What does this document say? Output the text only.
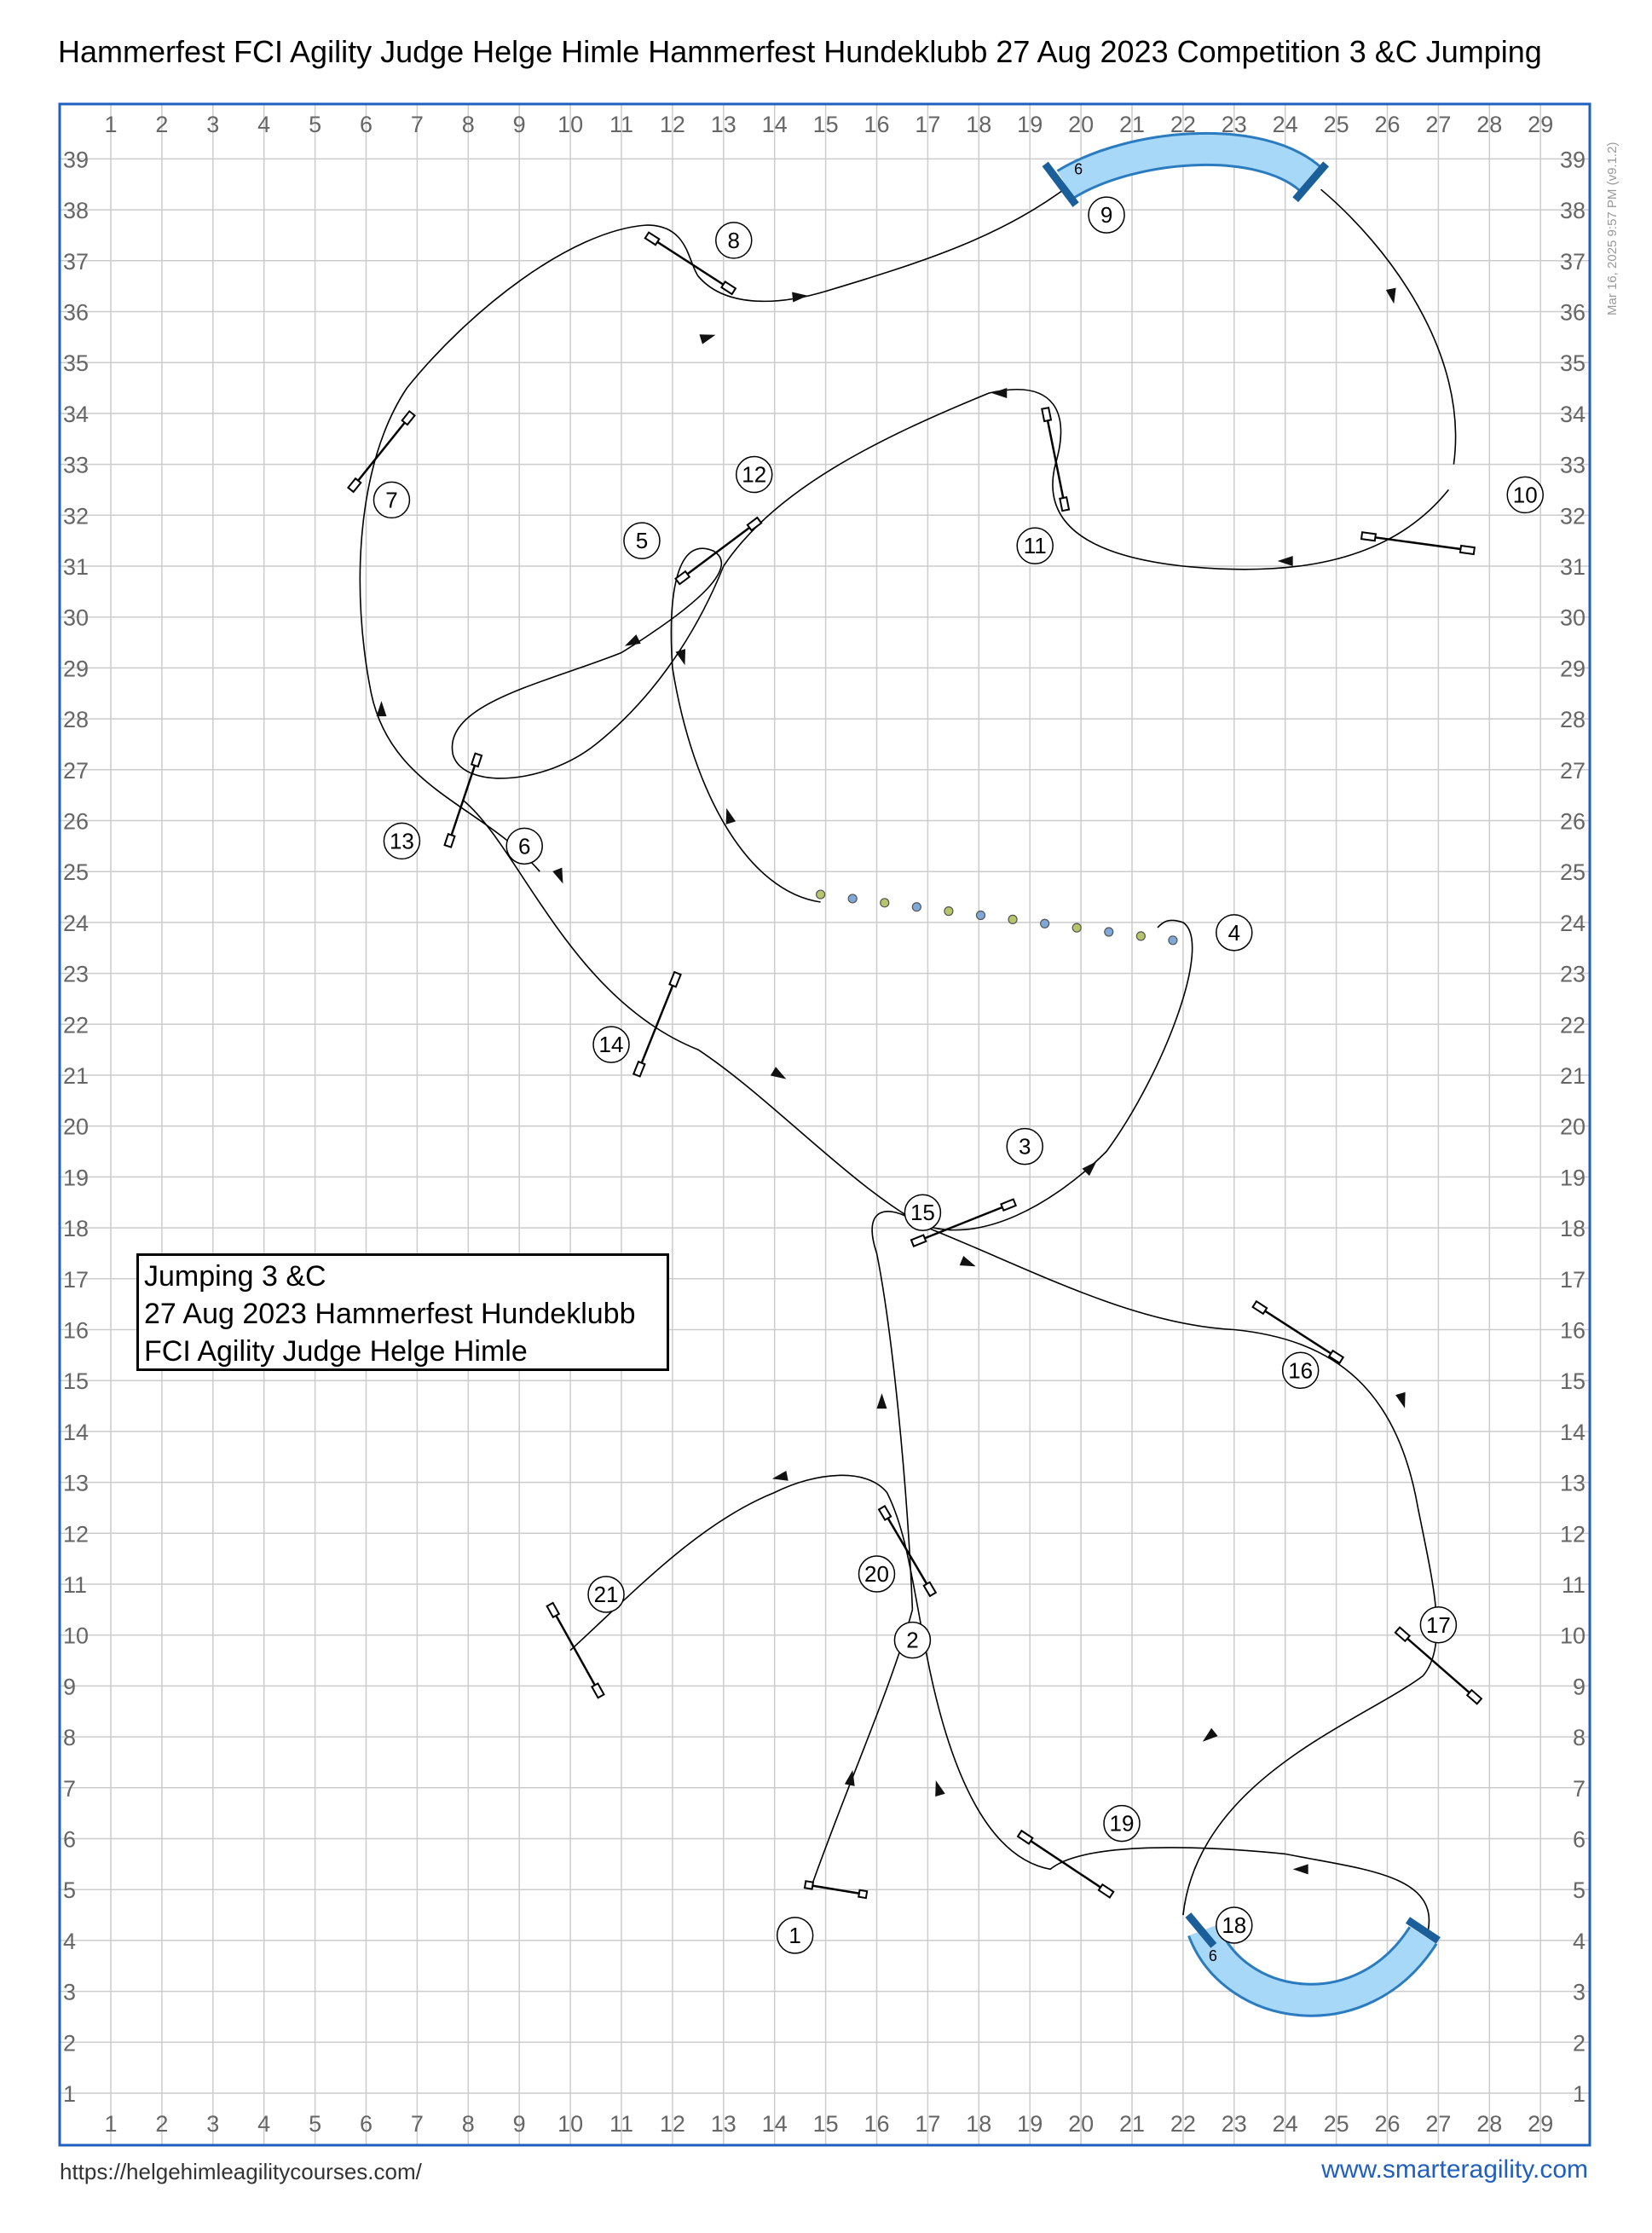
Hammerfest FCI Agility Judge Helge Himle Hammerfest Hundeklubb 27 Aug 2023 Competition 3 &C Jumping
1
1
2
2
3
3
4
4
5
5
6
6
7
7
8
8
9
9
10
10
11
11
12
12
13
13
14
14
15
15
16
16
17
17
18
18
19
19
20
20
21
21
22
22
23
23
24
24
25
25
26
26
27
27
28
28
29
29
1	1
2	2
3	3
4	4
5	5
6	6
7	7
8	8
9	9
10	10
11	11
12	12
13	13
14	14
15	15
16	16
17	17
18	18
19	19
20	20
21	21
22	22
23	23
24	24
25	25
26	26
27	27
28	28
29	29
30	30
31	31
32	32
33	33
34	34
35	35
36	36
37	37
38	38
39	39
6
6
1
2
3
4
5
6
7
8
9
10
11
12
13
14
15
16
17
18
19
20
21
Jumping 3 &C
27 Aug 2023 Hammerfest Hundeklubb
FCI Agility Judge Helge Himle
Mar 16, 2025 9:57 PM (v9.1.2)
https://helgehimleagilitycourses.com/	www.smarteragility.com
